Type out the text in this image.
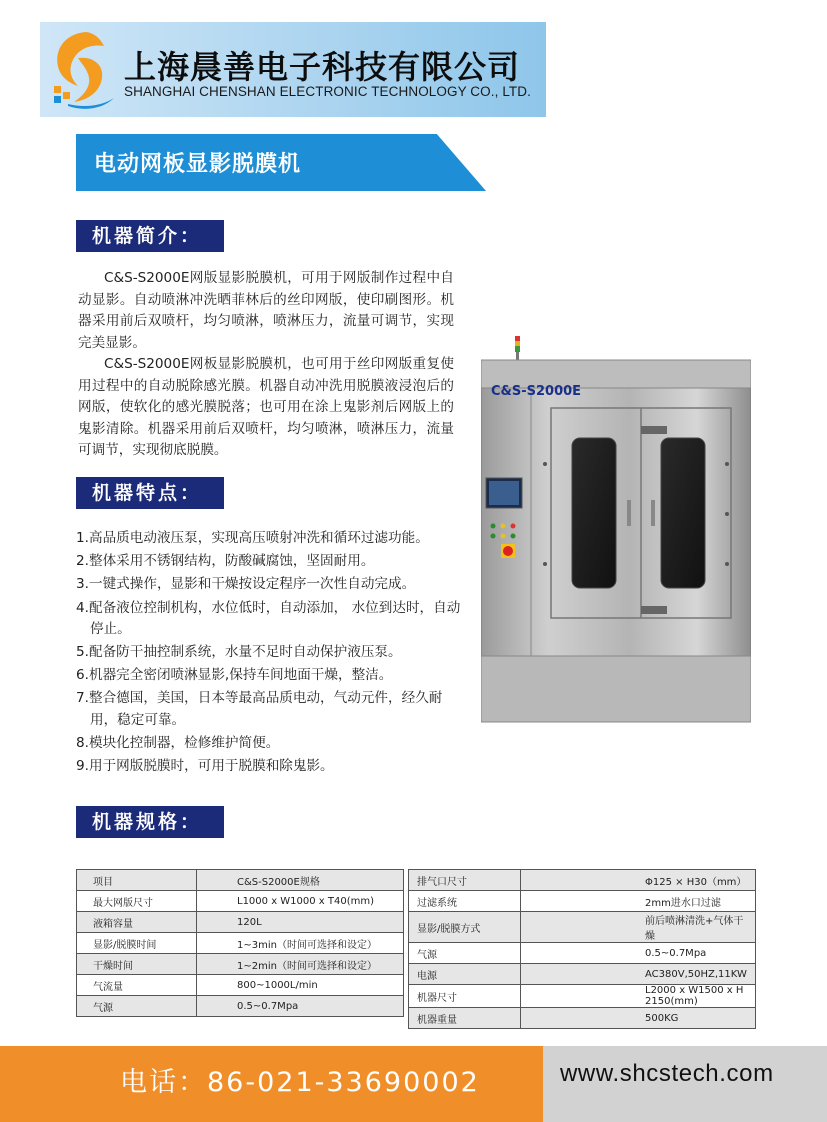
上海晨善电子科技有限公司
SHANGHAI CHENSHAN ELECTRONIC TECHNOLOGY CO., LTD.
电动网板显影脱膜机
机器简介：

C&S-S2000E网版显影脱膜机，可用于网版制作过程中自动显影。自动喷淋冲洗晒菲林后的丝印网版，使印刷图形。机器采用前后双喷杆，均匀喷淋，喷淋压力，流量可调节，实现完美显影。

C&S-S2000E网板显影脱膜机，也可用于丝印网版重复使用过程中的自动脱除感光膜。机器自动冲洗用脱膜液浸泡后的网版，使软化的感光膜脱落；也可用在涂上鬼影剂后网版上的鬼影清除。机器采用前后双喷杆，均匀喷淋，喷淋压力，流量可调节，实现彻底脱膜。

C&S-S2000E
机器特点：
1.高品质电动液压泵，实现高压喷射冲洗和循环过滤功能。
2.整体采用不锈钢结构，防酸碱腐蚀，坚固耐用。
3.一键式操作，显影和干燥按设定程序一次性自动完成。
4.配备液位控制机构，水位低时，自动添加， 水位到达时，自动停止。
5.配备防干抽控制系统，水量不足时自动保护液压泵。
6.机器完全密闭喷淋显影,保持车间地面干燥，整洁。
7.整合德国，美国，日本等最高品质电动，气动元件，经久耐用，稳定可靠。
8.模块化控制器，检修维护简便。
9.用于网版脱膜时，可用于脱膜和除鬼影。
机器规格：
项目	C&S-S2000E规格
最大网版尺寸	L1000 x W1000 x T40(mm)
液箱容量	120L
显影/脱膜时间	1~3min（时间可选择和设定）
干燥时间	1~2min（时间可选择和设定）
气流量	800~1000L/min
气源	0.5~0.7Mpa
排气口尺寸	Φ125 × H30（mm）
过滤系统	2mm进水口过滤
显影/脱膜方式	前后喷淋清洗+气体干燥
气源	0.5~0.7Mpa
电源	AC380V,50HZ,11KW
机器尺寸	L2000 x W1500 x H 2150(mm)
机器重量	500KG
电话：86-021-33690002	www.shcstech.com
